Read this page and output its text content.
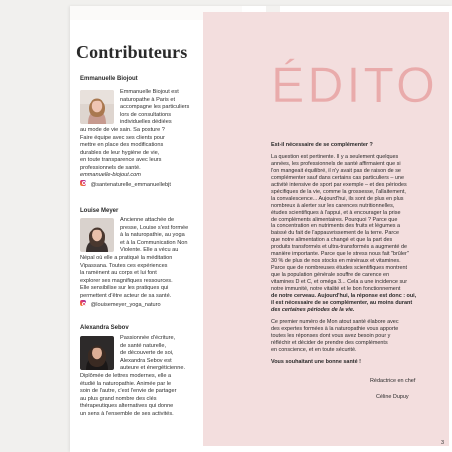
Contributeurs

Emmanuelle Biojout

Emmanuelle Biojout est
naturopathe à Paris et
accompagne les particuliers
lors de consultations
individuelles dédiées
au mode de vie sain. Sa posture ?
Faire équipe avec ses clients pour
mettre en place des modifications
durables de leur hygiène de vie,
en toute transparence avec leurs
professionnels de santé.
emmanuelle-biojout.com
@santenaturelle_emmanuellebjt

Louise Meyer

Ancienne attachée de
presse, Louise s'est formée
à la naturopathie, au yoga
et à la Communication Non
Violente. Elle a vécu au
Népal où elle a pratiqué la méditation
Vipassana. Toutes ces expériences
la ramènent au corps et lui font
explorer ses magnifiques ressources.
Elle sensibilise sur les pratiques qui
permettent d'être acteur de sa santé.
@louisemeyer_yoga_naturo

Alexandra Sebov

Passionnée d'écriture,
de santé naturelle,
de découverte de soi,
Alexandra Sebov est
auteure et énergéticienne.
Diplômée de lettres modernes, elle a
étudié la naturopathie. Animée par le
soin de l'autre, c'est l'envie de partager
au plus grand nombre des clés
thérapeutiques alternatives qui donne
un sens à l'ensemble de ses activités.
ÉDITO
Est-il nécessaire de se complémenter ?
La question est pertinente. Il y a seulement quelques
années, les professionnels de santé affirmaient que si
l'on mangeait équilibré, il n'y avait pas de raison de se
complémenter sauf dans certains cas particuliers – une
activité intensive de sport par exemple – et des périodes
spécifiques de la vie, comme la grossesse, l'allaitement,
la convalescence... Aujourd'hui, ils sont de plus en plus
nombreux à alerter sur les carences nutritionnelles,
études scientifiques à l'appui, et à encourager la prise
de compléments alimentaires. Pourquoi ? Parce que
la concentration en nutriments des fruits et légumes a
baissé du fait de l'appauvrissement de la terre. Parce
que notre alimentation a changé et que la part des
produits transformés et ultra-transformés a augmenté de
manière importante. Parce que le stress nous fait "brûler"
30 % de plus de nos stocks en minéraux et vitamines.
Parce que de nombreuses études scientifiques montrent
que la population générale souffre de carence en
vitamines D et C, et oméga 3... Cela a une incidence sur
notre immunité, notre vitalité et le bon fonctionnement
de notre cerveau. Aujourd'hui, la réponse est donc : oui,
il est nécessaire de se complémenter, au moins durant
des certaines périodes de la vie.
Ce premier numéro de Mon atout santé élabore avec
des expertes formées à la naturopathie vous apporte
toutes les réponses dont vous avez besoin pour y
réfléchir et décider de prendre des compléments
en conscience, et en toute sécurité.
Vous souhaitant une bonne santé !
Rédactrice en chef
Céline Dupuy
3
